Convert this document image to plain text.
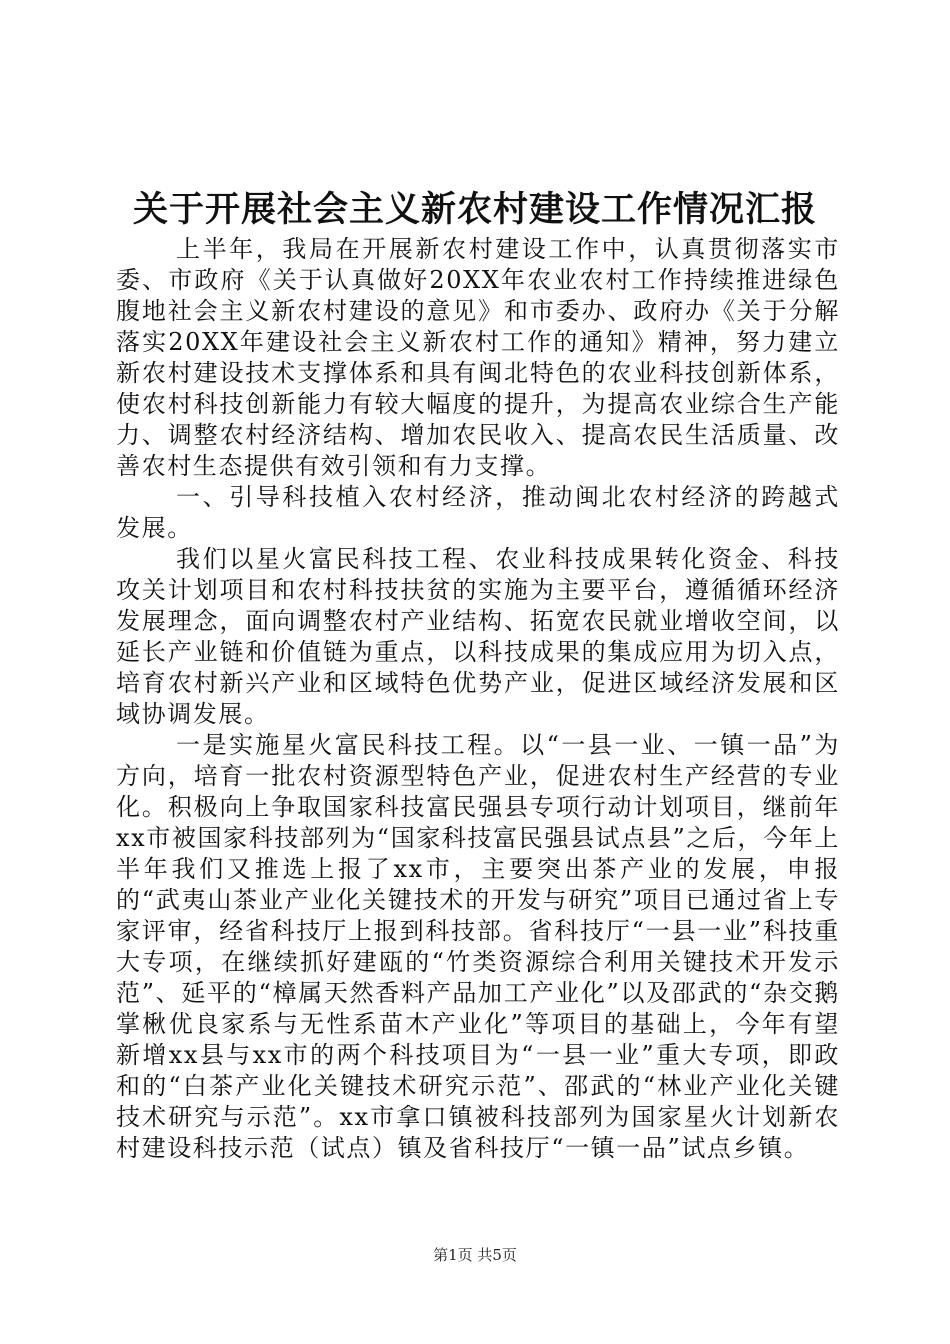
关于开展社会主义新农村建设工作情况汇报

上半年，我局在开展新农村建设工作中，认真贯彻落实市委、市政府《关于认真做好20XX年农业农村工作持续推进绿色腹地社会主义新农村建设的意见》和市委办、政府办《关于分解落实20XX年建设社会主义新农村工作的通知》精神，努力建立新农村建设技术支撑体系和具有闽北特色的农业科技创新体系，使农村科技创新能力有较大幅度的提升，为提高农业综合生产能力、调整农村经济结构、增加农民收入、提高农民生活质量、改善农村生态提供有效引领和有力支撑。

一、引导科技植入农村经济，推动闽北农村经济的跨越式发展。

我们以星火富民科技工程、农业科技成果转化资金、科技攻关计划项目和农村科技扶贫的实施为主要平台，遵循循环经济发展理念，面向调整农村产业结构、拓宽农民就业增收空间，以延长产业链和价值链为重点，以科技成果的集成应用为切入点，培育农村新兴产业和区域特色优势产业，促进区域经济发展和区域协调发展。

一是实施星火富民科技工程。以“一县一业、一镇一品”为方向，培育一批农村资源型特色产业，促进农村生产经营的专业化。积极向上争取国家科技富民强县专项行动计划项目，继前年xx市被国家科技部列为“国家科技富民强县试点县”之后，今年上半年我们又推选上报了xx市，主要突出茶产业的发展，申报的“武夷山茶业产业化关键技术的开发与研究”项目已通过省上专家评审，经省科技厅上报到科技部。省科技厅“一县一业”科技重大专项，在继续抓好建瓯的“竹类资源综合利用关键技术开发示范”、延平的“樟属天然香料产品加工产业化”以及邵武的“杂交鹅掌楸优良家系与无性系苗木产业化”等项目的基础上，今年有望新增xx县与xx市的两个科技项目为“一县一业”重大专项，即政和的“白茶产业化关键技术研究示范”、邵武的“林业产业化关键技术研究与示范”。xx市拿口镇被科技部列为国家星火计划新农村建设科技示范（试点）镇及省科技厅“一镇一品”试点乡镇。

第1页 共5页
